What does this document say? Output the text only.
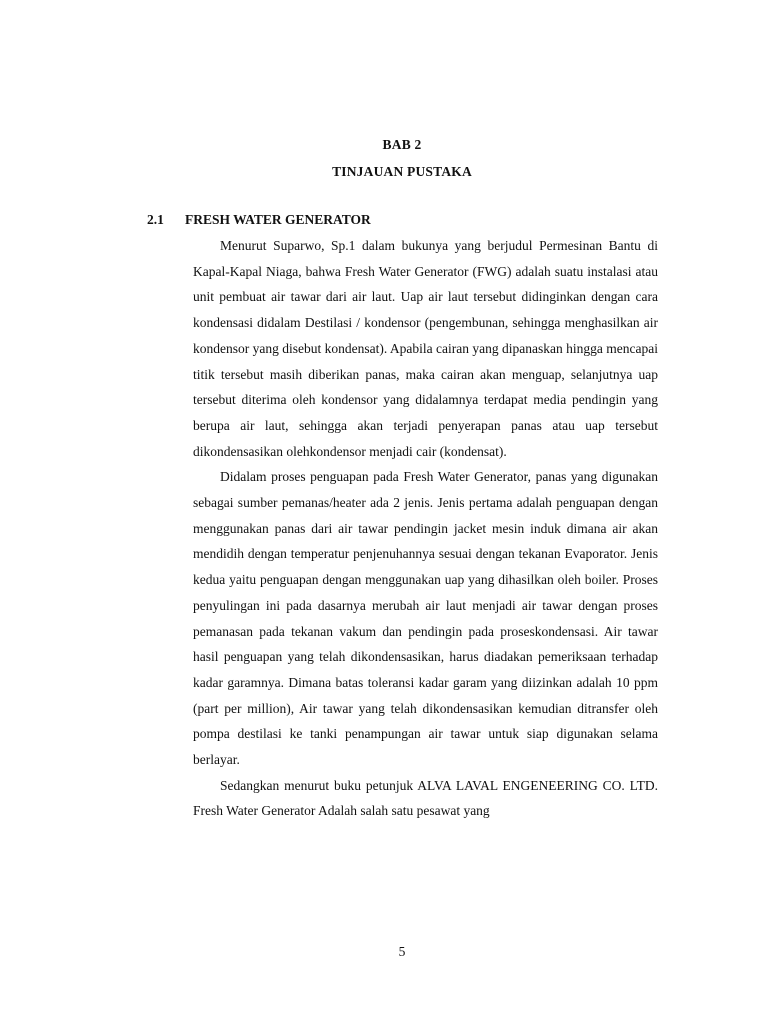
BAB 2
TINJAUAN PUSTAKA
2.1 FRESH WATER GENERATOR

Menurut Suparwo, Sp.1 dalam bukunya yang berjudul Permesinan Bantu di Kapal-Kapal Niaga, bahwa Fresh Water Generator (FWG) adalah suatu instalasi atau unit pembuat air tawar dari air laut. Uap air laut tersebut didinginkan dengan cara kondensasi didalam Destilasi / kondensor (pengembunan, sehingga menghasilkan air kondensor yang disebut kondensat). Apabila cairan yang dipanaskan hingga mencapai titik tersebut masih diberikan panas, maka cairan akan menguap, selanjutnya uap tersebut diterima oleh kondensor yang didalamnya terdapat media pendingin yang berupa air laut, sehingga akan terjadi penyerapan panas atau uap tersebut dikondensasikan olehkondensor menjadi cair (kondensat).

Didalam proses penguapan pada Fresh Water Generator, panas yang digunakan sebagai sumber pemanas/heater ada 2 jenis. Jenis pertama adalah penguapan dengan menggunakan panas dari air tawar pendingin jacket mesin induk dimana air akan mendidih dengan temperatur penjenuhannya sesuai dengan tekanan Evaporator. Jenis kedua yaitu penguapan dengan menggunakan uap yang dihasilkan oleh boiler. Proses penyulingan ini pada dasarnya merubah air laut menjadi air tawar dengan proses pemanasan pada tekanan vakum dan pendingin pada proseskondensasi. Air tawar hasil penguapan yang telah dikondensasikan, harus diadakan pemeriksaan terhadap kadar garamnya. Dimana batas toleransi kadar garam yang diizinkan adalah 10 ppm (part per million), Air tawar yang telah dikondensasikan kemudian ditransfer oleh pompa destilasi ke tanki penampungan air tawar untuk siap digunakan selama berlayar.

Sedangkan menurut buku petunjuk ALVA LAVAL ENGENEERING CO. LTD. Fresh Water Generator Adalah salah satu pesawat yang

5
